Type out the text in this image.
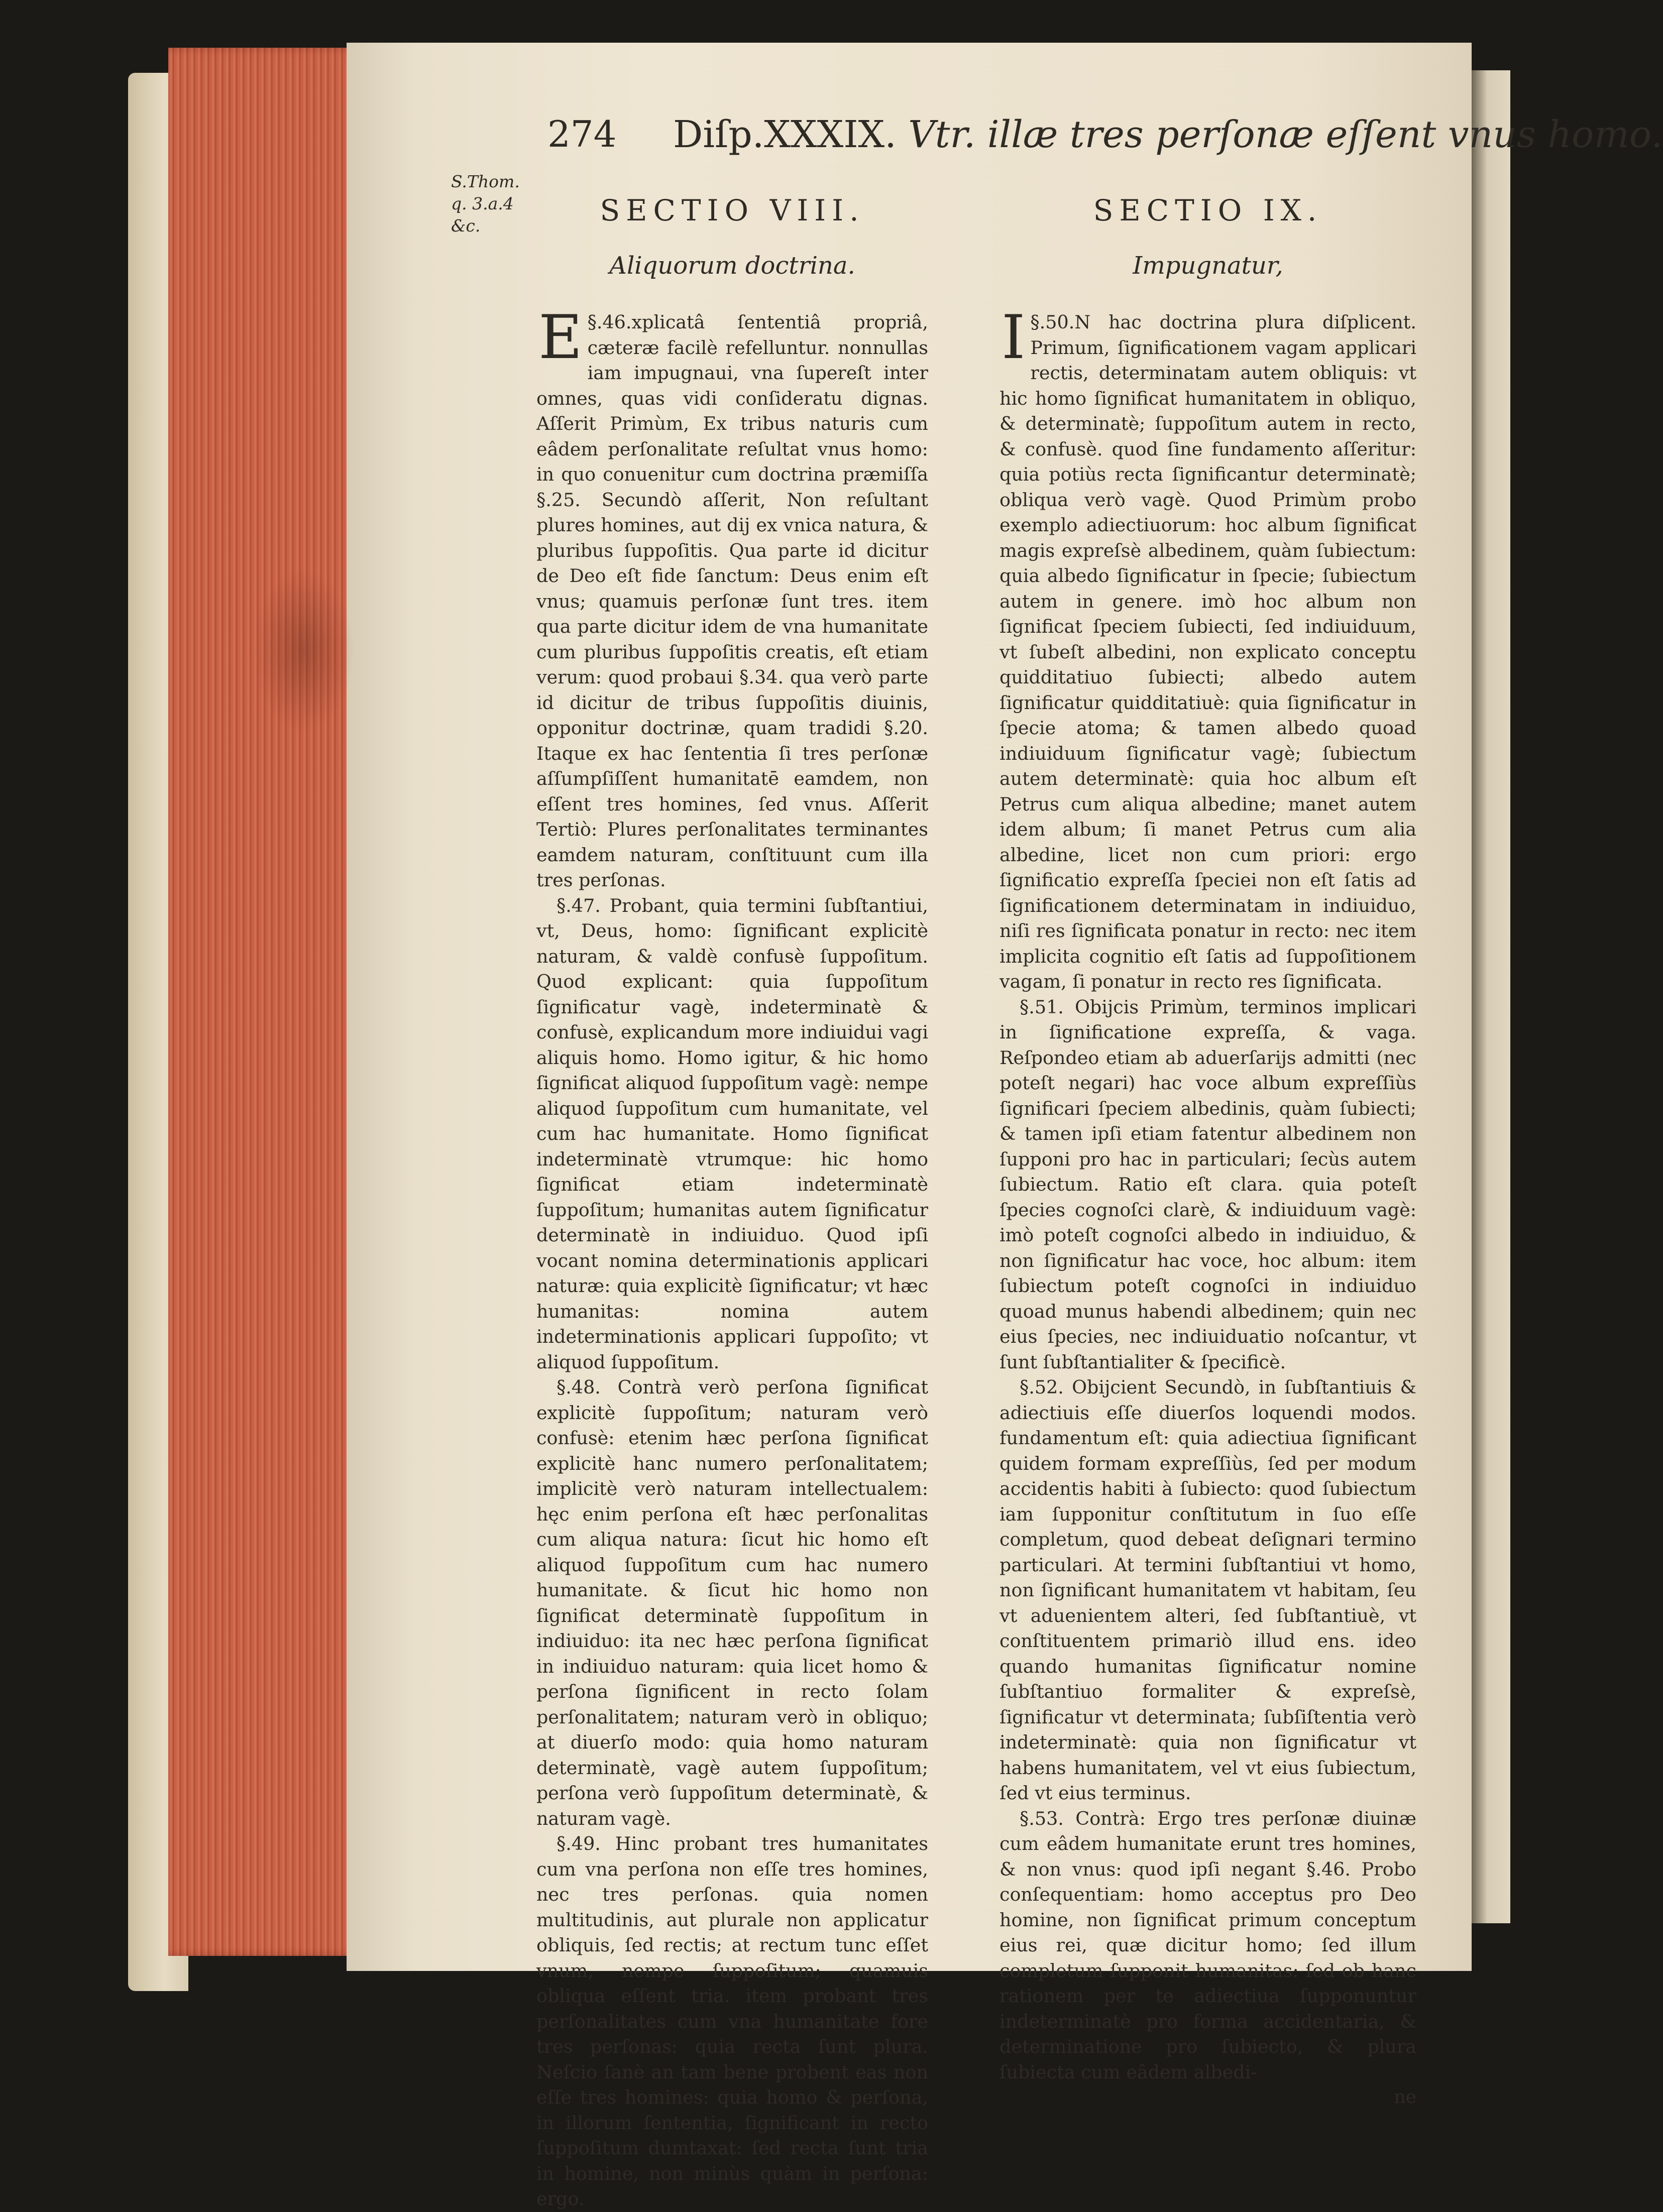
274 Diſp.XXXIX. Vtr. illæ tres perſonæ eſſent vnus homo.

S.Thom. q. 3.a.4 &c.	SECTIO VIII.

Aliquorum doctrina.

§.46.
E	xplicatâ ſententiâ propriâ, cæteræ facilè refelluntur. nonnullas iam impugnaui, vna ſupereſt inter omnes, quas vidi conſideratu dignas. Aſſerit Primùm, Ex tribus naturis cum eâdem perſonalitate reſultat vnus homo: in quo conuenitur cum doctrina præmiſſa §.25. Secundò aſſerit, Non reſultant plures homines, aut dij ex vnica natura, & pluribus ſuppoſitis. Qua parte id dicitur de Deo eſt fide ſanctum: Deus enim eſt vnus; quamuis perſonæ ſunt tres. item qua parte dicitur idem de vna humanitate cum pluribus ſuppoſitis creatis, eſt etiam verum: quod probaui §.34. qua verò parte id dicitur de tribus ſuppoſitis diuinis, opponitur doctrinæ, quam tradidi §.20. Itaque ex hac ſententia ſi tres perſonæ aſſumpſiſſent humanitatē eamdem, non eſſent tres homines, ſed vnus. Aſſerit Tertiò: Plures perſonalitates terminantes eamdem naturam, conſtituunt cum illa tres perſonas.

§.47. Probant, quia termini ſubſtantiui, vt, Deus, homo: ſignificant explicitè naturam, & valdè confusè ſuppoſitum. Quod explicant: quia ſuppoſitum ſignificatur vagè, indeterminatè & confusè, explicandum more indiuidui vagi aliquis homo. Homo igitur, & hic homo ſignificat aliquod ſuppoſitum vagè: nempe aliquod ſuppoſitum cum humanitate, vel cum hac humanitate. Homo ſignificat indeterminatè vtrumque: hic homo ſignificat etiam indeterminatè ſuppoſitum; humanitas autem ſignificatur determinatè in indiuiduo. Quod ipſi vocant nomina determinationis applicari naturæ: quia explicitè ſignificatur; vt hæc humanitas: nomina autem indeterminationis applicari ſuppoſito; vt aliquod ſuppoſitum.

§.48. Contrà verò perſona ſignificat explicitè ſuppoſitum; naturam verò confusè: etenim hæc perſona ſignificat explicitè hanc numero perſonalitatem; implicitè verò naturam intellectualem: hęc enim perſona eſt hæc perſonalitas cum aliqua natura: ſicut hic homo eſt aliquod ſuppoſitum cum hac numero humanitate. & ſicut hic homo non ſignificat determinatè ſuppoſitum in indiuiduo: ita nec hæc perſona ſignificat in indiuiduo naturam: quia licet homo & perſona ſignificent in recto ſolam perſonalitatem; naturam verò in obliquo; at diuerſo modo: quia homo naturam determinatè, vagè autem ſuppoſitum; perſona verò ſuppoſitum determinatè, & naturam vagè.

§.49. Hinc probant tres humanitates cum vna perſona non eſſe tres homines, nec tres perſonas. quia nomen multitudinis, aut plurale non applicatur obliquis, ſed rectis; at rectum tunc eſſet vnum, nempe ſuppoſitum; quamuis obliqua eſſent tria. item probant tres perſonalitates cum vna humanitate fore tres perſonas: quia recta ſunt plura. Neſcio ſanè an tam bene probent eas non eſſe tres homines: quia homo & perſona, in illorum ſententia, ſignificant in recto ſuppoſitum dumtaxat: ſed recta ſunt tria in homine, non minùs quàm in perſona: ergo.

SECTIO IX.

Impugnatur,

§.50.
I	N hac doctrina plura diſplicent. Primum, ſignificationem vagam applicari rectis, determinatam autem obliquis: vt hic homo ſignificat humanitatem in obliquo, & determinatè; ſuppoſitum autem in recto, & confusè. quod ſine fundamento aſſeritur: quia potiùs recta ſignificantur determinatè; obliqua verò vagè. Quod Primùm probo exemplo adiectiuorum: hoc album ſignificat magis expreſsè albedinem, quàm ſubiectum: quia albedo ſignificatur in ſpecie; ſubiectum autem in genere. imò hoc album non ſignificat ſpeciem ſubiecti, ſed indiuiduum, vt ſubeſt albedini, non explicato conceptu quidditatiuo ſubiecti; albedo autem ſignificatur quidditatiuè: quia ſignificatur in ſpecie atoma; & tamen albedo quoad indiuiduum ſignificatur vagè; ſubiectum autem determinatè: quia hoc album eſt Petrus cum aliqua albedine; manet autem idem album; ſi manet Petrus cum alia albedine, licet non cum priori: ergo ſignificatio expreſſa ſpeciei non eſt ſatis ad ſignificationem determinatam in indiuiduo, niſi res ſignificata ponatur in recto: nec item implicita cognitio eſt ſatis ad ſuppoſitionem vagam, ſi ponatur in recto res ſignificata.

§.51. Obijcis Primùm, terminos implicari in ſignificatione expreſſa, & vaga. Reſpondeo etiam ab aduerſarijs admitti (nec poteſt negari) hac voce album expreſſiùs ſignificari ſpeciem albedinis, quàm ſubiecti; & tamen ipſi etiam fatentur albedinem non ſupponi pro hac in particulari; ſecùs autem ſubiectum. Ratio eſt clara. quia poteſt ſpecies cognoſci clarè, & indiuiduum vagè: imò poteſt cognoſci albedo in indiuiduo, & non ſignificatur hac voce, hoc album: item ſubiectum poteſt cognoſci in indiuiduo quoad munus habendi albedinem; quin nec eius ſpecies, nec indiuiduatio noſcantur, vt ſunt ſubſtantialiter & ſpecificè.

§.52. Obijcient Secundò, in ſubſtantiuis & adiectiuis eſſe diuerſos loquendi modos. fundamentum eſt: quia adiectiua ſignificant quidem formam expreſſiùs, ſed per modum accidentis habiti à ſubiecto: quod ſubiectum iam ſupponitur conſtitutum in ſuo eſſe completum, quod debeat deſignari termino particulari. At termini ſubſtantiui vt homo, non ſignificant humanitatem vt habitam, ſeu vt aduenientem alteri, ſed ſubſtantiuè, vt conſtituentem primariò illud ens. ideo quando humanitas ſignificatur nomine ſubſtantiuo formaliter & expreſsè, ſignificatur vt determinata; ſubſiſtentia verò indeterminatè: quia non ſignificatur vt habens humanitatem, vel vt eius ſubiectum, ſed vt eius terminus.

§.53. Contrà: Ergo tres perſonæ diuinæ cum eâdem humanitate erunt tres homines, & non vnus: quod ipſi negant §.46. Probo conſequentiam: homo acceptus pro Deo homine, non ſignificat primum conceptum eius rei, quæ dicitur homo; ſed illum completum ſupponit humanitas: ſed ob hanc rationem per te adiectiua ſupponuntur indeterminatè pro forma accidentaria, & determinatione pro ſubiecto, & plura ſubiecta cum eâdem albedi-

ne
